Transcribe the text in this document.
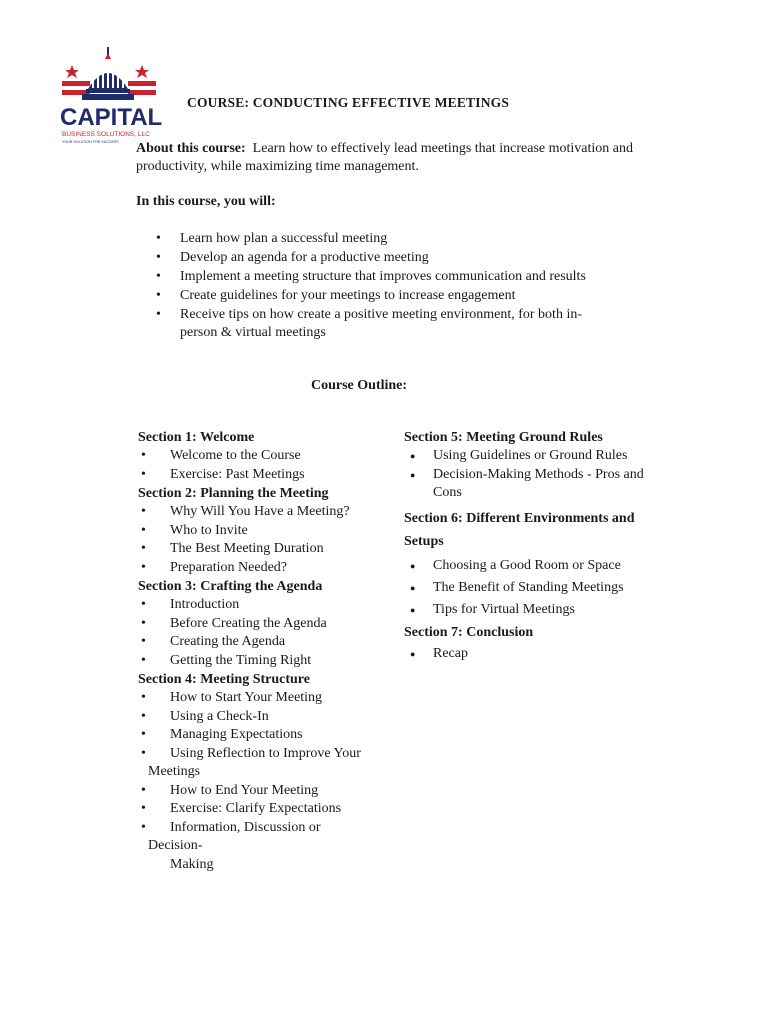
CAPITAL
BUSINESS SOLUTIONS, LLC
YOUR SOLUTION FOR SUCCESS
COURSE: CONDUCTING EFFECTIVE MEETINGS
About this course: Learn how to effectively lead meetings that increase motivation and productivity, while maximizing time management.
In this course, you will:
• Learn how plan a successful meeting
• Develop an agenda for a productive meeting
• Implement a meeting structure that improves communication and results
• Create guidelines for your meetings to increase engagement
• Receive tips on how create a positive meeting environment, for both in-person & virtual meetings
Course Outline:
Section 1: Welcome
• Welcome to the Course
• Exercise: Past Meetings
Section 2: Planning the Meeting
• Why Will You Have a Meeting?
• Who to Invite
• The Best Meeting Duration
• Preparation Needed?
Section 3: Crafting the Agenda
• Introduction
• Before Creating the Agenda
• Creating the Agenda
• Getting the Timing Right
Section 4: Meeting Structure
• How to Start Your Meeting
• Using a Check-In
• Managing Expectations
• Using Reflection to Improve Your
Meetings
• How to End Your Meeting
• Exercise: Clarify Expectations
• Information, Discussion or
Decision-
Making
Section 5: Meeting Ground Rules
● Using Guidelines or Ground Rules
● Decision-Making Methods - Pros and Cons
Section 6: Different Environments and Setups
● Choosing a Good Room or Space
● The Benefit of Standing Meetings
● Tips for Virtual Meetings
Section 7: Conclusion
● Recap
